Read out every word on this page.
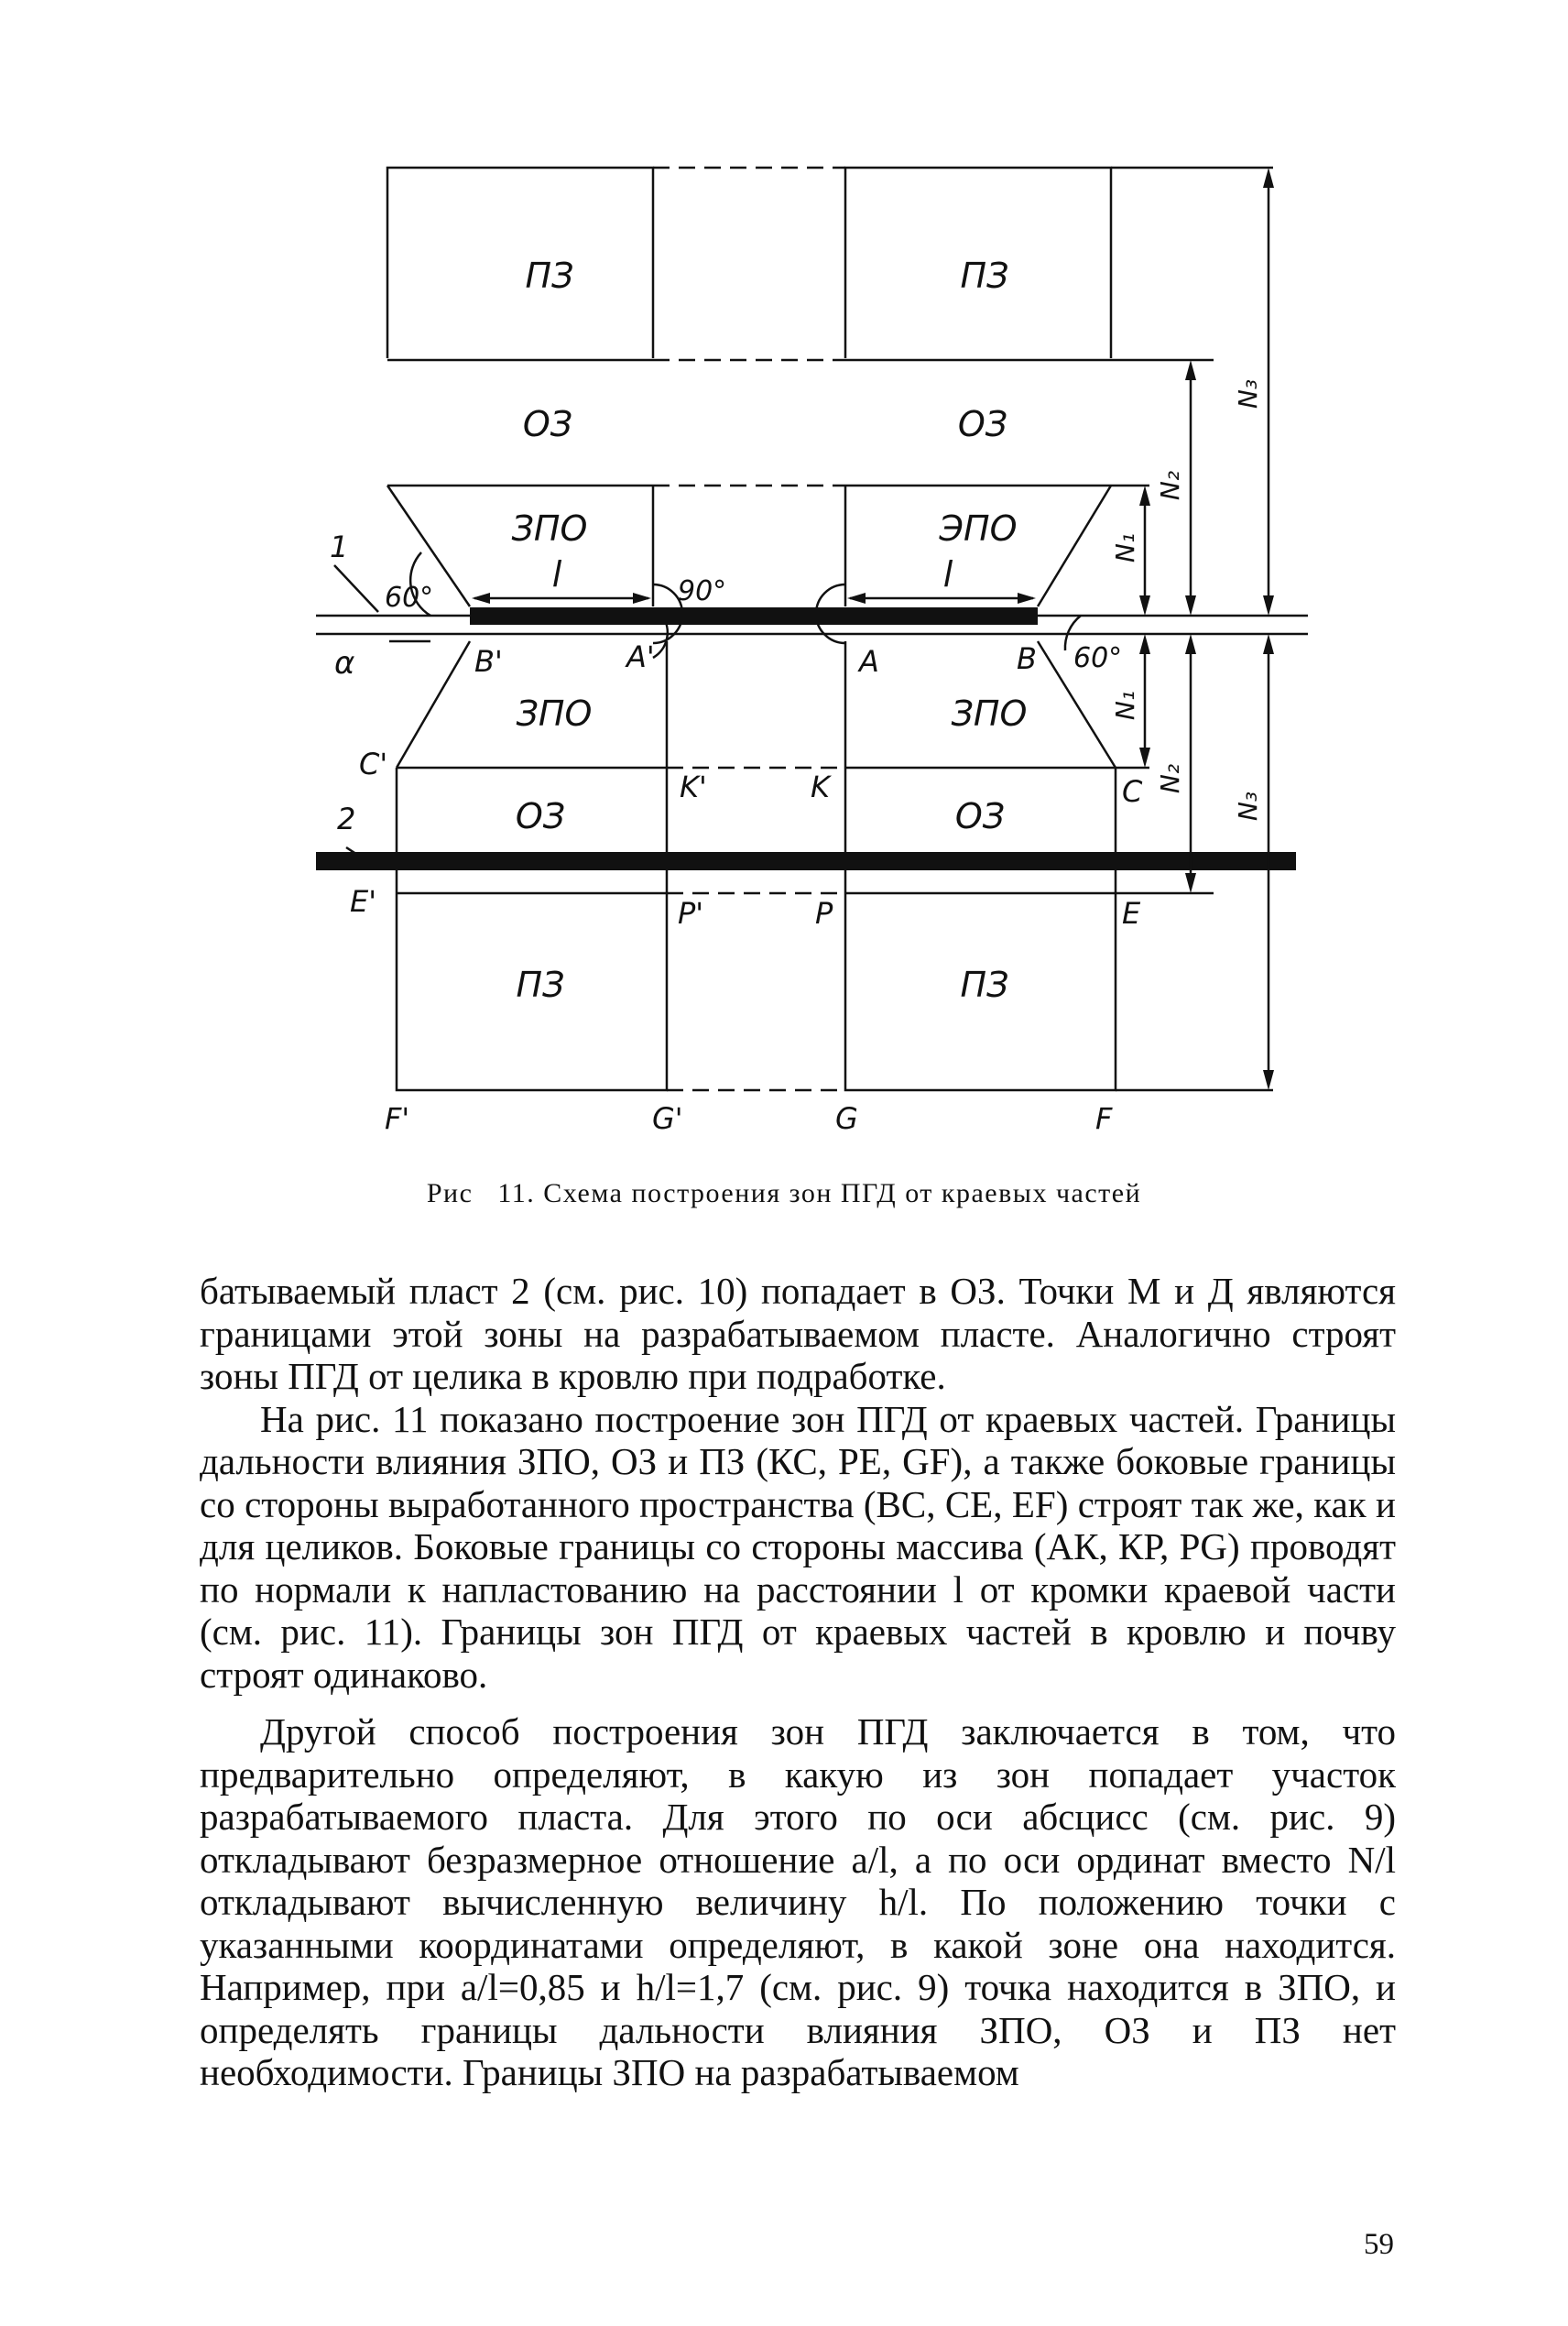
ПЗ	ПЗ
ОЗ	ОЗ
ЗПО	ЭПО
ЗПО	ЗПО
ОЗ	ОЗ
ПЗ	ПЗ
l	l
60°	90°
60°
B'	A'	A	B
C'
C
K'	K
E'	E
P'	P
F'	G'	G	F
1
2
α
N₁
N₁
N₂
N₂
N₃
N₃
Рис 11. Схема построения зон ПГД от краевых частей

батываемый пласт 2 (см. рис. 10) попадает в ОЗ. Точки М и Д являются границами этой зоны на разрабатываемом пласте. Аналогично строят зоны ПГД от целика в кровлю при подработке.

На рис. 11 показано построение зон ПГД от краевых частей. Границы дальности влияния ЗПО, ОЗ и ПЗ (КС, РЕ, GF), а также боковые границы со стороны выработанного пространства (ВС, СЕ, ЕF) строят так же, как и для целиков. Боковые границы со стороны массива (АК, КР, PG) проводят по нормали к напластованию на расстоянии l от кромки краевой части (см. рис. 11). Границы зон ПГД от краевых частей в кровлю и почву строят одинаково.

Другой способ построения зон ПГД заключается в том, что предварительно определяют, в какую из зон попадает участок разрабатываемого пласта. Для этого по оси абсцисс (см. рис. 9) откладывают безразмерное отношение a/l, а по оси ординат вместо N/l откладывают вычисленную величину h/l. По положению точки с указанными координатами определяют, в какой зоне она находится. Например, при a/l=0,85 и h/l=1,7 (см. рис. 9) точка находится в ЗПО, и определять границы дальности влияния ЗПО, ОЗ и ПЗ нет необходимости. Границы ЗПО на разрабатываемом

59
